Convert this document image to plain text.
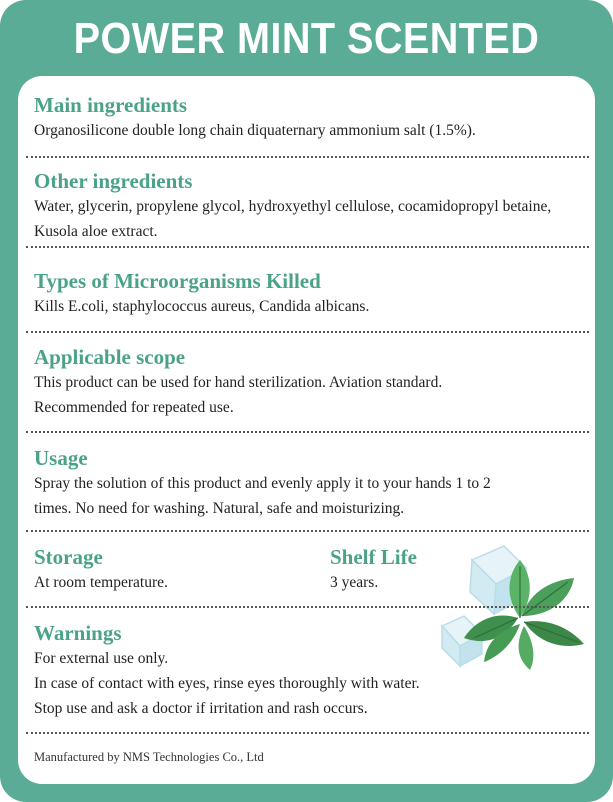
POWER MINT SCENTED

Main ingredients

Organosilicone double long chain diquaternary ammonium salt (1.5%).

Other ingredients

Water, glycerin, propylene glycol, hydroxyethyl cellulose, cocamidopropyl betaine, Kusola aloe extract.

Types of Microorganisms Killed

Kills E.coli, staphylococcus aureus, Candida albicans.

Applicable scope

This product can be used for hand sterilization. Aviation standard.

Recommended for repeated use.

Usage

Spray the solution of this product and evenly apply it to your hands 1 to 2

times. No need for washing. Natural, safe and moisturizing.

Storage

At room temperature.

Shelf Life

3 years.

Warnings

For external use only.

In case of contact with eyes, rinse eyes thoroughly with water.

Stop use and ask a doctor if irritation and rash occurs.

Manufactured by NMS Technologies Co., Ltd
